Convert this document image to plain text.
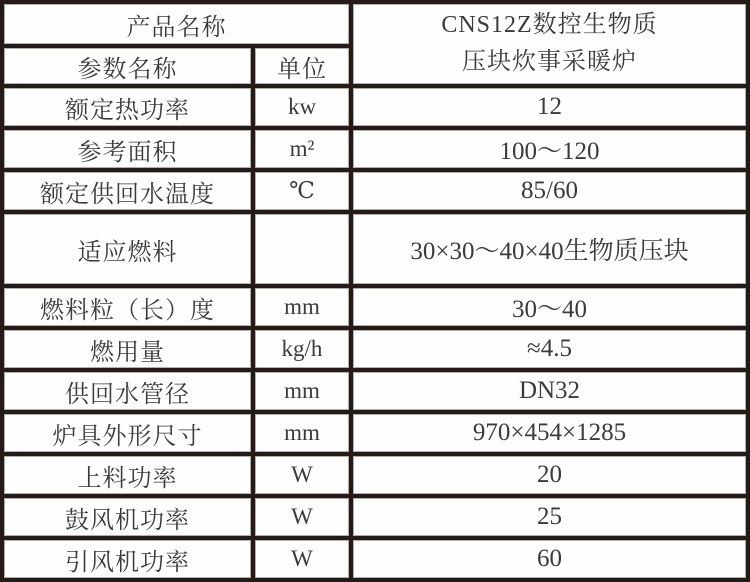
产品名称		CNS12Z数控生物质
压块炊事采暖炉

参数名称	单位	
额定热功率	kw	12
参考面积	m²	100～120
额定供回水温度	℃	85/60
适应燃料		30×30～40×40生物质压块
燃料粒（长）度	mm	30～40
燃用量	kg/h	≈4.5
供回水管径	mm	DN32
炉具外形尺寸	mm	970×454×1285
上料功率	W	20
鼓风机功率	W	25
引风机功率	W	60
